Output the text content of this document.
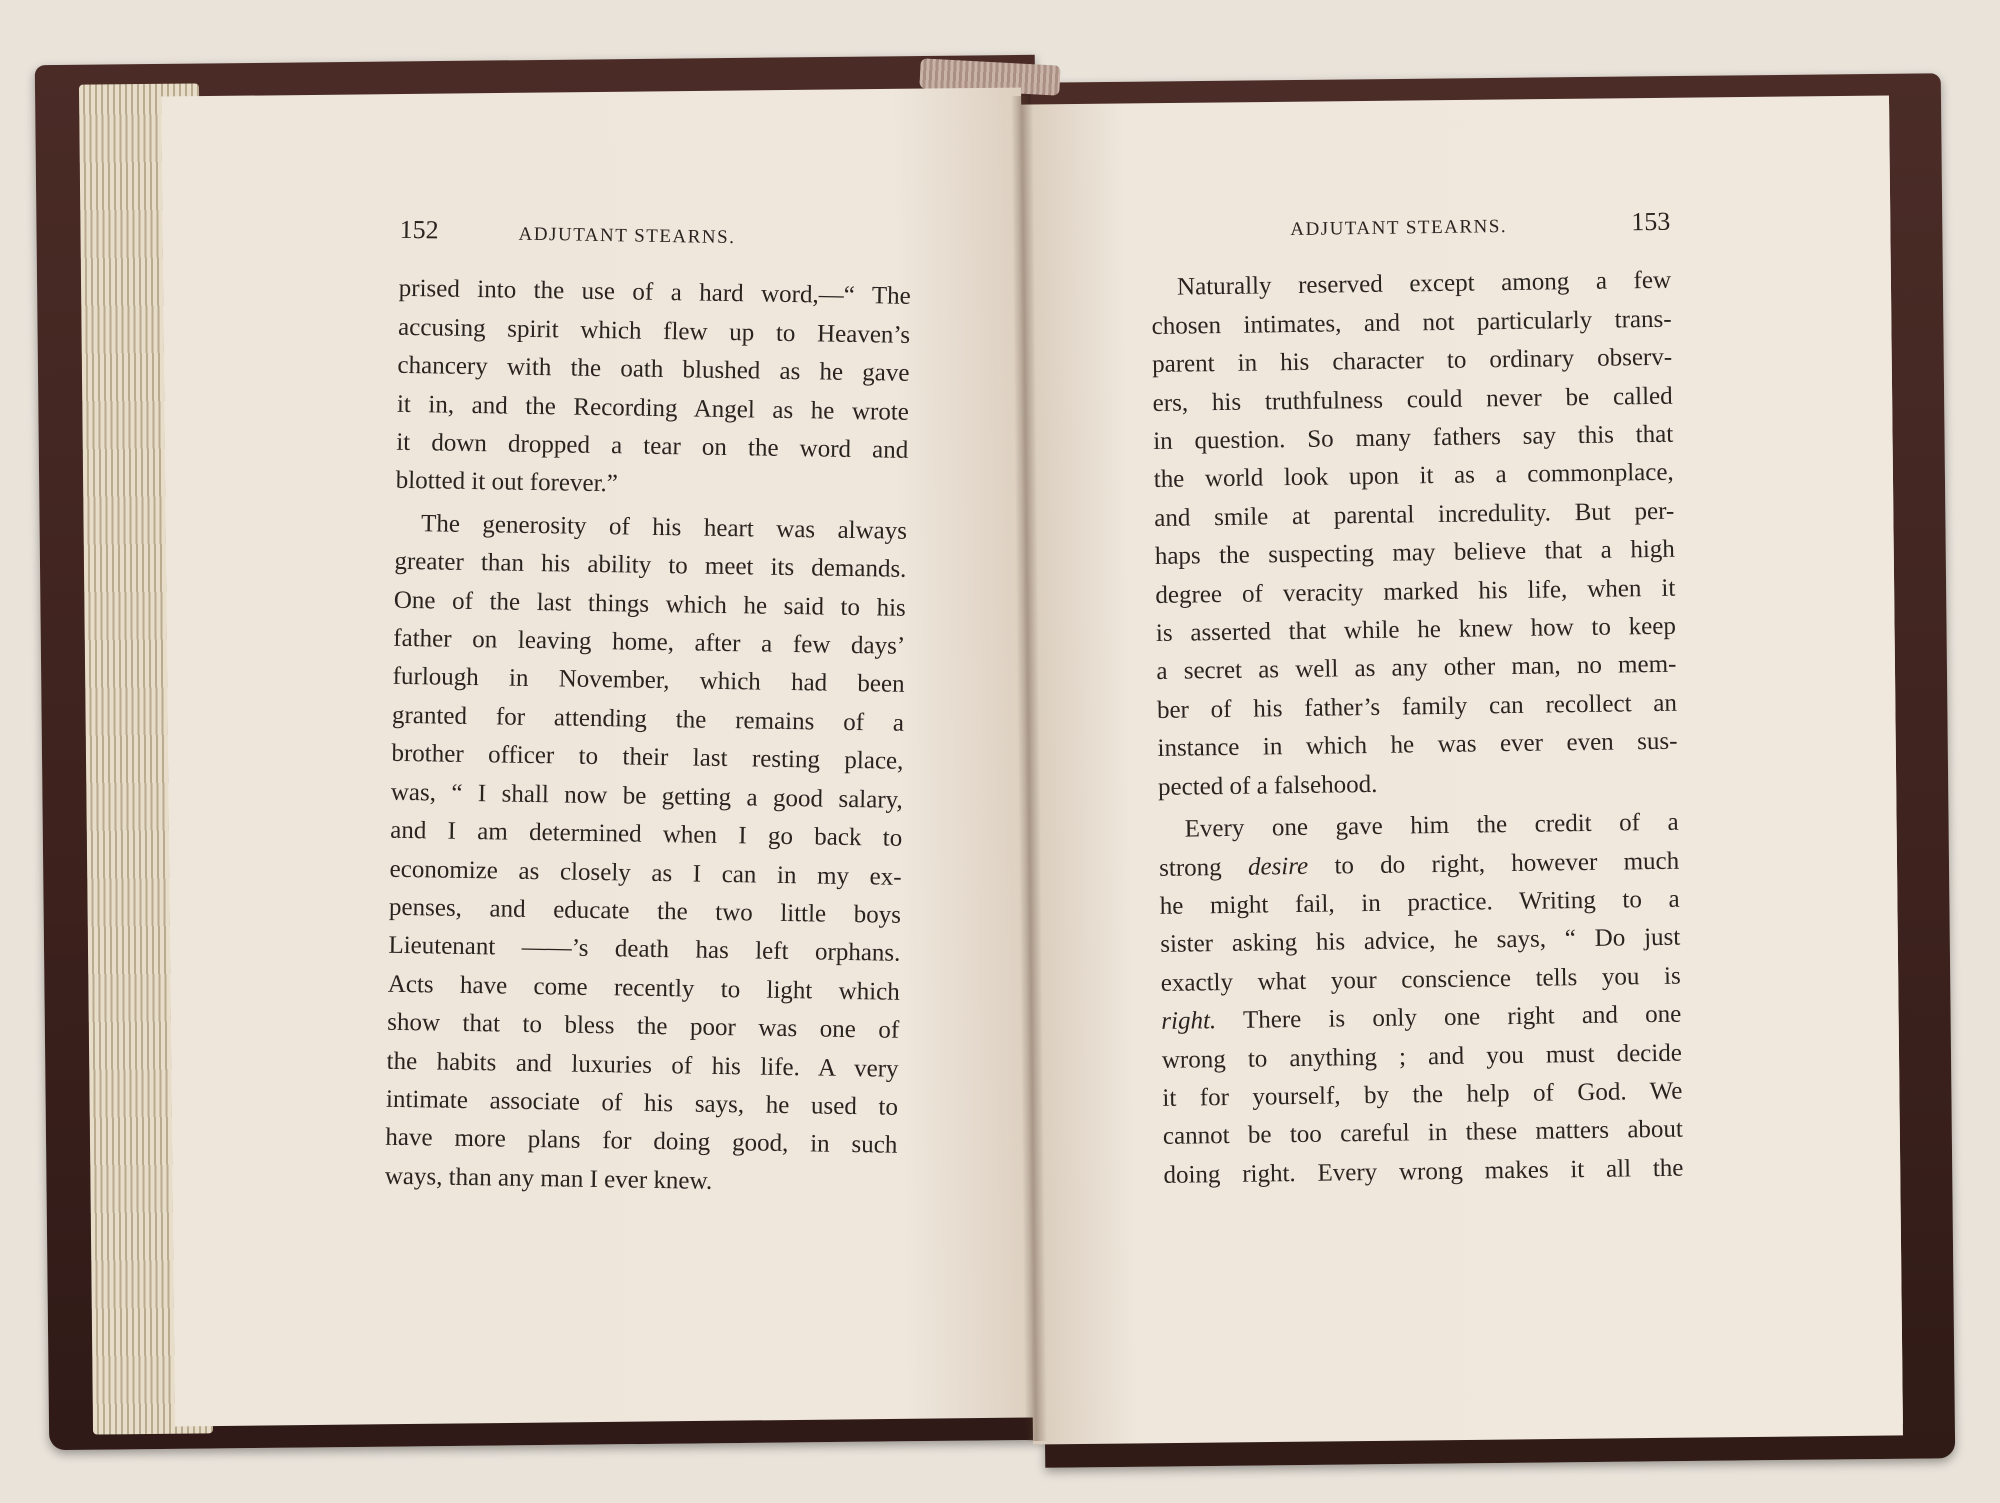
152	ADJUTANT STEARNS.
prised into the use of a hard word,—“ The
accusing spirit which flew up to Heaven’s
chancery with the oath blushed as he gave
it in, and the Recording Angel as he wrote
it down dropped a tear on the word and
blotted it out forever.”
The generosity of his heart was always
greater than his ability to meet its demands.
One of the last things which he said to his
father on leaving home, after a few days’
furlough in November, which had been
granted for attending the remains of a
brother officer to their last resting place,
was, “ I shall now be getting a good salary,
and I am determined when I go back to
economize as closely as I can in my ex-
penses, and educate the two little boys
Lieutenant ——’s death has left orphans.
Acts have come recently to light which
show that to bless the poor was one of
the habits and luxuries of his life. A very
intimate associate of his says, he used to
have more plans for doing good, in such
ways, than any man I ever knew.
ADJUTANT STEARNS.	153
Naturally reserved except among a few
chosen intimates, and not particularly trans-
parent in his character to ordinary observ-
ers, his truthfulness could never be called
in question. So many fathers say this that
the world look upon it as a commonplace,
and smile at parental incredulity. But per-
haps the suspecting may believe that a high
degree of veracity marked his life, when it
is asserted that while he knew how to keep
a secret as well as any other man, no mem-
ber of his father’s family can recollect an
instance in which he was ever even sus-
pected of a falsehood.
Every one gave him the credit of a
strong desire to do right, however much
he might fail, in practice. Writing to a
sister asking his advice, he says, “ Do just
exactly what your conscience tells you is
right. There is only one right and one
wrong to anything ; and you must decide
it for yourself, by the help of God. We
cannot be too careful in these matters about
doing right. Every wrong makes it all the
